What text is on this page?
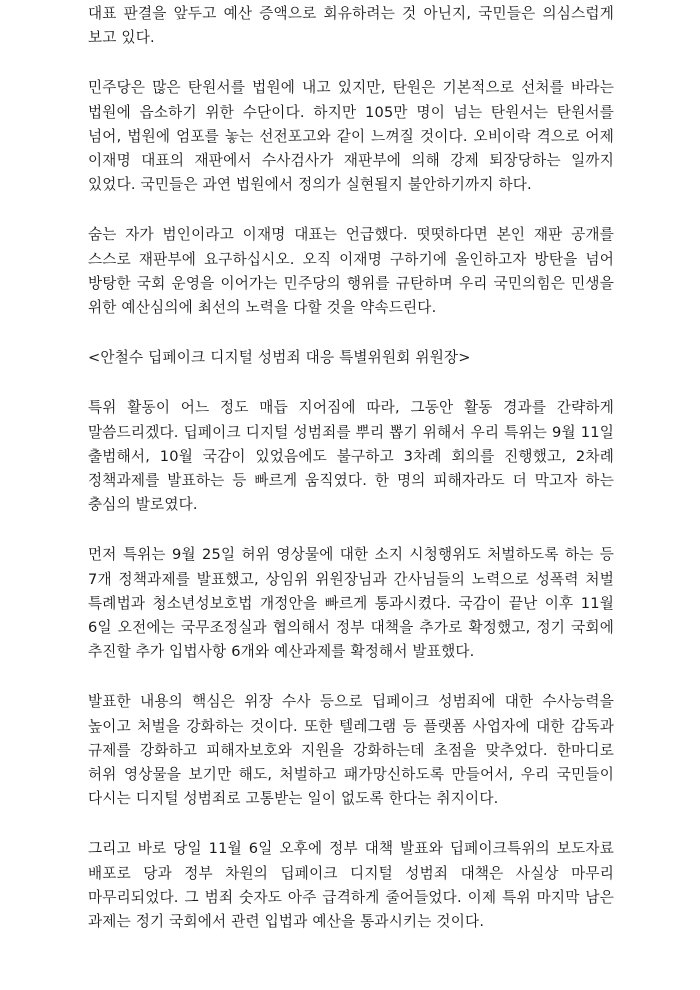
대표 판결을 앞두고 예산 증액으로 회유하려는 것 아닌지, 국민들은 의심스럽게 보고 있다.

민주당은 많은 탄원서를 법원에 내고 있지만, 탄원은 기본적으로 선처를 바라는 법원에 읍소하기 위한 수단이다. 하지만 105만 명이 넘는 탄원서는 탄원서를 넘어, 법원에 엄포를 놓는 선전포고와 같이 느껴질 것이다. 오비이락 격으로 어제 이재명 대표의 재판에서 수사검사가 재판부에 의해 강제 퇴장당하는 일까지 있었다. 국민들은 과연 법원에서 정의가 실현될지 불안하기까지 하다.

숨는 자가 범인이라고 이재명 대표는 언급했다. 떳떳하다면 본인 재판 공개를 스스로 재판부에 요구하십시오. 오직 이재명 구하기에 올인하고자 방탄을 넘어 방탕한 국회 운영을 이어가는 민주당의 행위를 규탄하며 우리 국민의힘은 민생을 위한 예산심의에 최선의 노력을 다할 것을 약속드린다.

<안철수 딥페이크 디지털 성범죄 대응 특별위원회 위원장>

특위 활동이 어느 정도 매듭 지어짐에 따라, 그동안 활동 경과를 간략하게 말씀드리겠다. 딥페이크 디지털 성범죄를 뿌리 뽑기 위해서 우리 특위는 9월 11일 출범해서, 10월 국감이 있었음에도 불구하고 3차례 회의를 진행했고, 2차례 정책과제를 발표하는 등 빠르게 움직였다. 한 명의 피해자라도 더 막고자 하는 충심의 발로였다.

먼저 특위는 9월 25일 허위 영상물에 대한 소지 시청행위도 처벌하도록 하는 등 7개 정책과제를 발표했고, 상임위 위원장님과 간사님들의 노력으로 성폭력 처벌 특례법과 청소년성보호법 개정안을 빠르게 통과시켰다. 국감이 끝난 이후 11월 6일 오전에는 국무조정실과 협의해서 정부 대책을 추가로 확정했고, 정기 국회에 추진할 추가 입법사항 6개와 예산과제를 확정해서 발표했다.

발표한 내용의 핵심은 위장 수사 등으로 딥페이크 성범죄에 대한 수사능력을 높이고 처벌을 강화하는 것이다. 또한 텔레그램 등 플랫폼 사업자에 대한 감독과 규제를 강화하고 피해자보호와 지원을 강화하는데 초점을 맞추었다. 한마디로 허위 영상물을 보기만 해도, 처벌하고 패가망신하도록 만들어서, 우리 국민들이 다시는 디지털 성범죄로 고통받는 일이 없도록 한다는 취지이다.

그리고 바로 당일 11월 6일 오후에 정부 대책 발표와 딥페이크특위의 보도자료 배포로 당과 정부 차원의 딥페이크 디지털 성범죄 대책은 사실상 마무리 마무리되었다. 그 범죄 숫자도 아주 급격하게 줄어들었다. 이제 특위 마지막 남은 과제는 정기 국회에서 관련 입법과 예산을 통과시키는 것이다.
